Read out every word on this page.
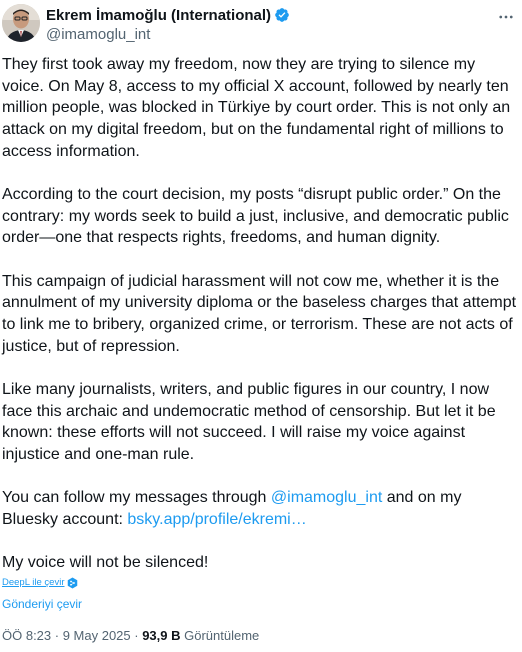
Ekrem İmamoğlu (International)
@imamoglu_int

They first took away my freedom, now they are trying to silence my voice. On May 8, access to my official X account, followed by nearly ten million people, was blocked in Türkiye by court order. This is not only an attack on my digital freedom, but on the fundamental right of millions to access information.

According to the court decision, my posts “disrupt public order.” On the contrary: my words seek to build a just, inclusive, and democratic public order—one that respects rights, freedoms, and human dignity.

This campaign of judicial harassment will not cow me, whether it is the annulment of my university diploma or the baseless charges that attempt to link me to bribery, organized crime, or terrorism. These are not acts of justice, but of repression.

Like many journalists, writers, and public figures in our country, I now face this archaic and undemocratic method of censorship. But let it be known: these efforts will not succeed. I will raise my voice against injustice and one-man rule.

You can follow my messages through @imamoglu_int and on my Bluesky account: bsky.app/profile/ekremi…

My voice will not be silenced!

DeepL ile çevir
Gönderiyi çevir
ÖÖ 8:23 · 9 May 2025 · 93,9 B Görüntüleme
